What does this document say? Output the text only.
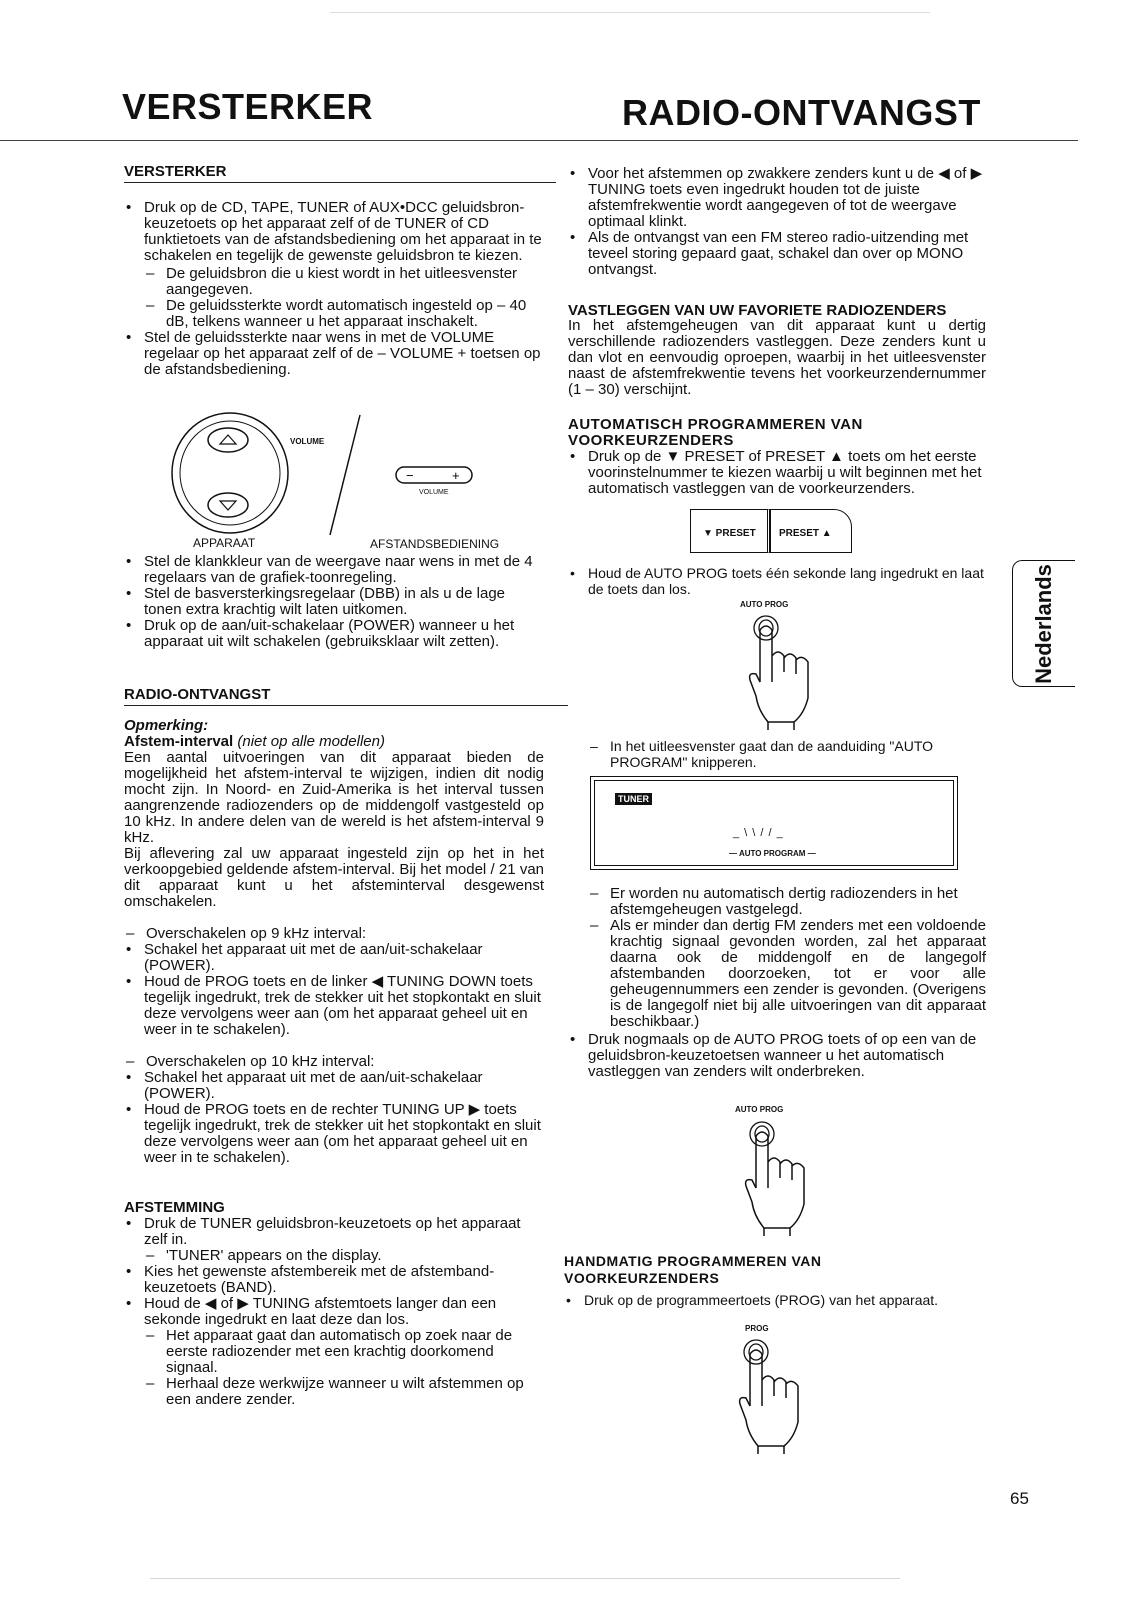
VERSTERKER	RADIO-ONTVANGST
VERSTERKER
• Druk op de CD, TAPE, TUNER of AUX•DCC geluidsbron-keuzetoets op het apparaat zelf of de TUNER of CD funktietoets van de afstandsbediening om het apparaat in te schakelen en tegelijk de gewenste geluidsbron te kiezen.
– De geluidsbron die u kiest wordt in het uitleesvenster aangegeven.
– De geluidssterkte wordt automatisch ingesteld op – 40 dB, telkens wanneer u het apparaat inschakelt.
• Stel de geluidssterkte naar wens in met de VOLUME regelaar op het apparaat zelf of de – VOLUME + toetsen op de afstandsbediening.
−	+
VOLUME
VOLUME
APPARAAT	AFSTANDSBEDIENING
• Stel de klankkleur van de weergave naar wens in met de 4 regelaars van de grafiek-toonregeling.
• Stel de basversterkingsregelaar (DBB) in als u de lage tonen extra krachtig wilt laten uitkomen.
• Druk op de aan/uit-schakelaar (POWER) wanneer u het apparaat uit wilt schakelen (gebruiksklaar wilt zetten).
RADIO-ONTVANGST
Opmerking:
Afstem-interval (niet op alle modellen)
Een aantal uitvoeringen van dit apparaat bieden de mogelijkheid het afstem-interval te wijzigen, indien dit nodig mocht zijn. In Noord- en Zuid-Amerika is het interval tussen aangrenzende radiozenders op de middengolf vastgesteld op 10 kHz. In andere delen van de wereld is het afstem-interval 9 kHz.
Bij aflevering zal uw apparaat ingesteld zijn op het in het verkoopgebied geldende afstem-interval. Bij het model / 21 van dit apparaat kunt u het afsteminterval desgewenst omschakelen.
– Overschakelen op 9 kHz interval:
• Schakel het apparaat uit met de aan/uit-schakelaar (POWER).
• Houd de PROG toets en de linker ◀ TUNING DOWN toets tegelijk ingedrukt, trek de stekker uit het stopkontakt en sluit deze vervolgens weer aan (om het apparaat geheel uit en weer in te schakelen).
– Overschakelen op 10 kHz interval:
• Schakel het apparaat uit met de aan/uit-schakelaar (POWER).
• Houd de PROG toets en de rechter TUNING UP ▶ toets tegelijk ingedrukt, trek de stekker uit het stopkontakt en sluit deze vervolgens weer aan (om het apparaat geheel uit en weer in te schakelen).
AFSTEMMING
• Druk de TUNER geluidsbron-keuzetoets op het apparaat zelf in.
– 'TUNER' appears on the display.
• Kies het gewenste afstembereik met de afstemband-keuzetoets (BAND).
• Houd de ◀ of ▶ TUNING afstemtoets langer dan een sekonde ingedrukt en laat deze dan los.
– Het apparaat gaat dan automatisch op zoek naar de eerste radiozender met een krachtig doorkomend signaal.
– Herhaal deze werkwijze wanneer u wilt afstemmen op een andere zender.
• Voor het afstemmen op zwakkere zenders kunt u de ◀ of ▶ TUNING toets even ingedrukt houden tot de juiste afstemfrekwentie wordt aangegeven of tot de weergave optimaal klinkt.
• Als de ontvangst van een FM stereo radio-uitzending met teveel storing gepaard gaat, schakel dan over op MONO ontvangst.
VASTLEGGEN VAN UW FAVORIETE RADIOZENDERS
In het afstemgeheugen van dit apparaat kunt u dertig verschillende radiozenders vastleggen. Deze zenders kunt u dan vlot en eenvoudig oproepen, waarbij in het uitleesvenster naast de afstemfrekwentie tevens het voorkeurzendernummer (1 – 30) verschijnt.
AUTOMATISCH PROGRAMMEREN VAN
VOORKEURZENDERS
• Druk op de ▼ PRESET of PRESET ▲ toets om het eerste voorinstelnummer te kiezen waarbij u wilt beginnen met het automatisch vastleggen van de voorkeurzenders.
▼ PRESET PRESET ▲
• Houd de AUTO PROG toets één sekonde lang ingedrukt en laat de toets dan los.
AUTO PROG
– In het uitleesvenster gaat dan de aanduiding "AUTO PROGRAM" knipperen.
TUNER
_ \ \ / / _
— AUTO PROGRAM —
– Er worden nu automatisch dertig radiozenders in het afstemgeheugen vastgelegd.
– Als er minder dan dertig FM zenders met een voldoende krachtig signaal gevonden worden, zal het apparaat daarna ook de middengolf en de langegolf afstembanden doorzoeken, tot er voor alle geheugennummers een zender is gevonden. (Overigens is de langegolf niet bij alle uitvoeringen van dit apparaat beschikbaar.)
• Druk nogmaals op de AUTO PROG toets of op een van de geluidsbron-keuzetoetsen wanneer u het automatisch vastleggen van zenders wilt onderbreken.
AUTO PROG
HANDMATIG PROGRAMMEREN VAN
VOORKEURZENDERS
• Druk op de programmeertoets (PROG) van het apparaat.
PROG
Nederlands
65
